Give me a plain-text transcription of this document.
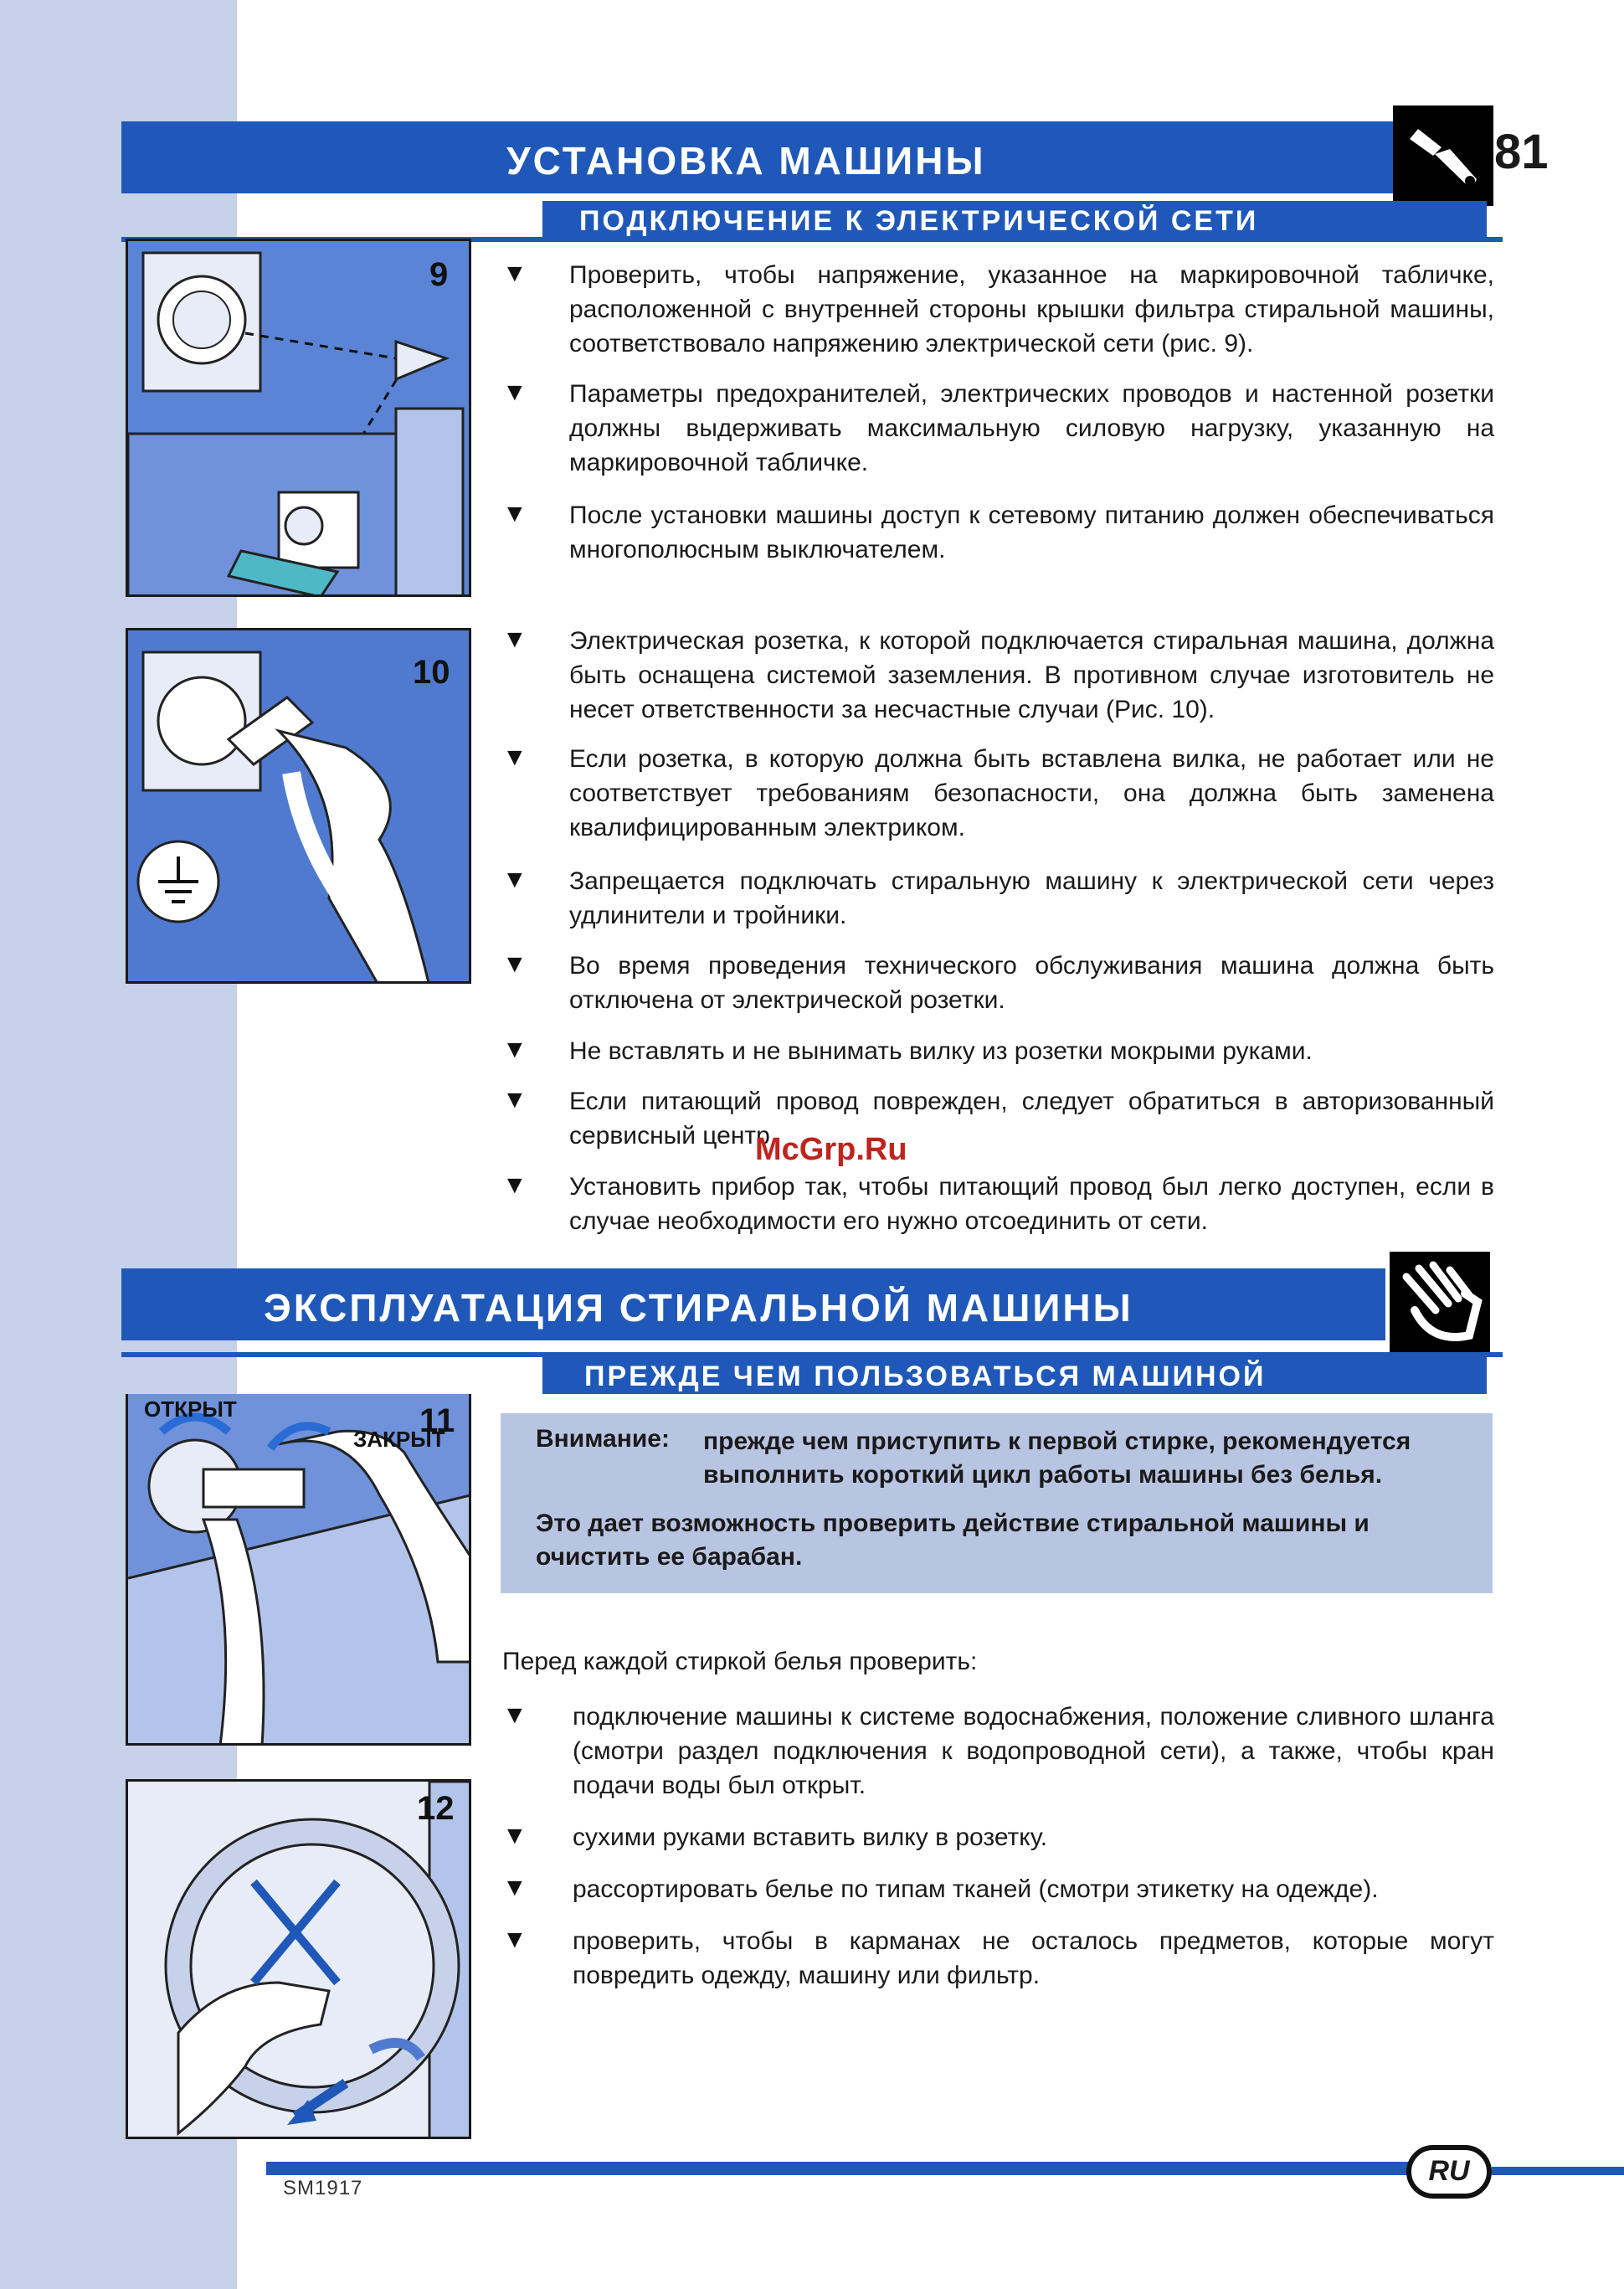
УСТАНОВКА МАШИНЫ	81
ПОДКЛЮЧЕНИЕ К ЭЛЕКТРИЧЕСКОЙ СЕТИ
9
10
▼ Проверить, чтобы напряжение, указанное на маркировочной табличке, расположенной с внутренней стороны крышки фильтра стиральной машины, соответствовало напряжению электрической сети (рис. 9).
▼ Параметры предохранителей, электрических проводов и настенной розетки должны выдерживать максимальную силовую нагрузку, указанную на маркировочной табличке.
▼ После установки машины доступ к сетевому питанию должен обеспечиваться многополюсным выключателем.
▼ Электрическая розетка, к которой подключается стиральная машина, должна быть оснащена системой заземления. В противном случае изготовитель не несет ответственности за несчастные случаи (Рис. 10).
▼ Если розетка, в которую должна быть вставлена вилка, не работает или не соответствует требованиям безопасности, она должна быть заменена квалифицированным электриком.
▼ Запрещается подключать стиральную машину к электрической сети через удлинители и тройники.
▼ Во время проведения технического обслуживания машина должна быть отключена от электрической розетки.
▼ Не вставлять и не вынимать вилку из розетки мокрыми руками.
▼ Если питающий провод поврежден, следует обратиться в авторизованный сервисный центр.
▼ Установить прибор так, чтобы питающий провод был легко доступен, если в случае необходимости его нужно отсоединить от сети.
McGrp.Ru
ЭКСПЛУАТАЦИЯ СТИРАЛЬНОЙ МАШИНЫ
ПРЕЖДЕ ЧЕМ ПОЛЬЗОВАТЬСЯ МАШИНОЙ
11
ОТКРЫТ
ЗАКРЫТ
12
Внимание: прежде чем приступить к первой стирке, рекомендуется выполнить короткий цикл работы машины без белья.
Это дает возможность проверить действие стиральной машины и очистить ее барабан.
Перед каждой стиркой белья проверить:
▼ подключение машины к системе водоснабжения, положение сливного шланга (смотри раздел подключения к водопроводной сети), а также, чтобы кран подачи воды был открыт.
▼ сухими руками вставить вилку в розетку.
▼ рассортировать белье по типам тканей (смотри этикетку на одежде).
▼ проверить, чтобы в карманах не осталось предметов, которые могут повредить одежду, машину или фильтр.
RU
SM1917
